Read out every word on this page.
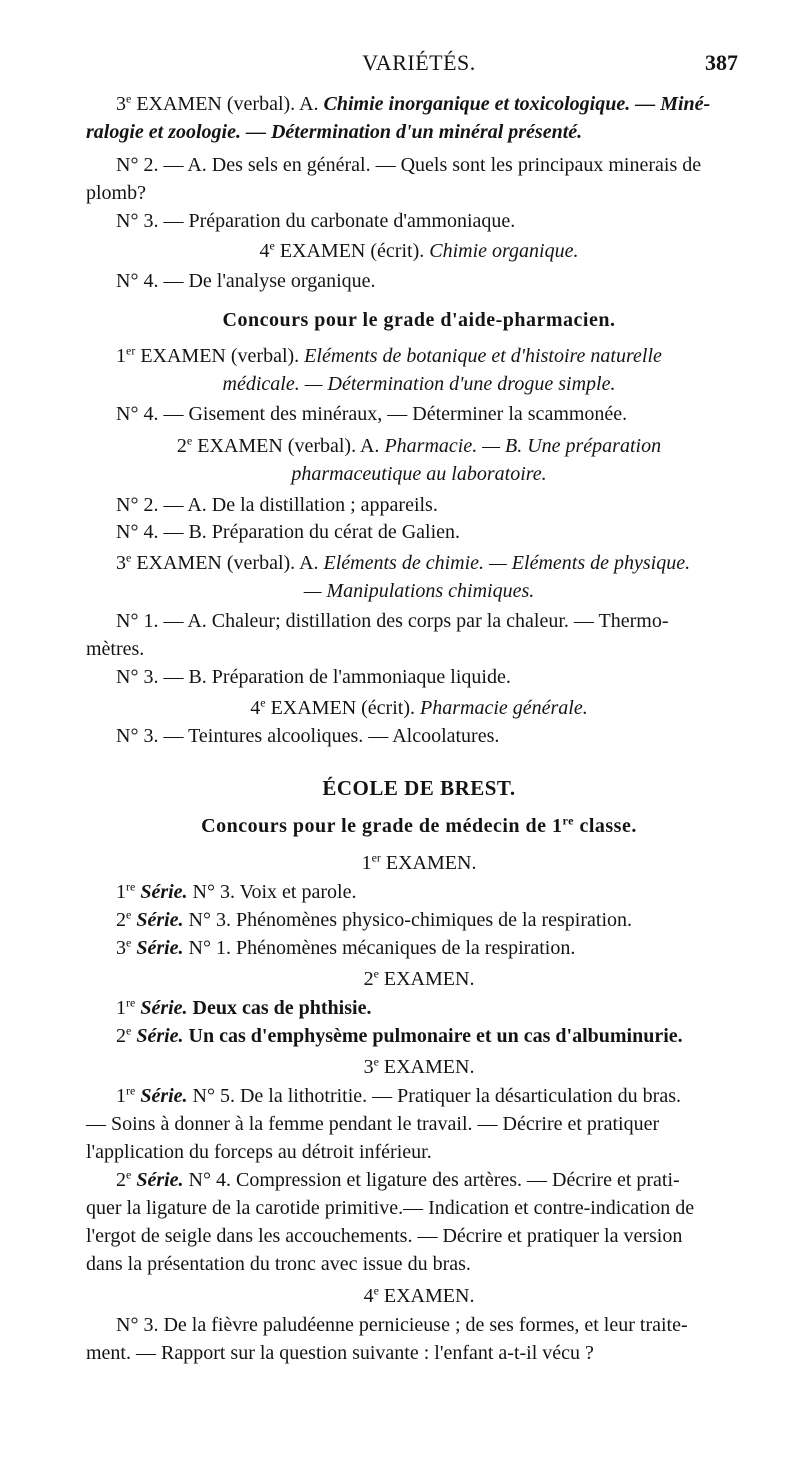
VARIÉTÉS.	387
3e EXAMEN (verbal). A. Chimie inorganique et toxicologique. — Miné-
ralogie et zoologie. — Détermination d'un minéral présenté.
N° 2. — A. Des sels en général. — Quels sont les principaux minerais de
plomb?
N° 3. — Préparation du carbonate d'ammoniaque.
4e EXAMEN (écrit). Chimie organique.
N° 4. — De l'analyse organique.
Concours pour le grade d'aide-pharmacien.
1er EXAMEN (verbal). Eléments de botanique et d'histoire naturelle
médicale. — Détermination d'une drogue simple.
N° 4. — Gisement des minéraux, — Déterminer la scammonée.
2e EXAMEN (verbal). A. Pharmacie. — B. Une préparation
pharmaceutique au laboratoire.
N° 2. — A. De la distillation ; appareils.
N° 4. — B. Préparation du cérat de Galien.
3e EXAMEN (verbal). A. Eléments de chimie. — Eléments de physique.
— Manipulations chimiques.
N° 1. — A. Chaleur; distillation des corps par la chaleur. — Thermo-
mètres.
N° 3. — B. Préparation de l'ammoniaque liquide.
4e EXAMEN (écrit). Pharmacie générale.
N° 3. — Teintures alcooliques. — Alcoolatures.
ÉCOLE DE BREST.
Concours pour le grade de médecin de 1re classe.
1er EXAMEN.
1re Série. N° 3. Voix et parole.
2e Série. N° 3. Phénomènes physico-chimiques de la respiration.
3e Série. N° 1. Phénomènes mécaniques de la respiration.
2e EXAMEN.
1re Série. Deux cas de phthisie.
2e Série. Un cas d'emphysème pulmonaire et un cas d'albuminurie.
3e EXAMEN.
1re Série. N° 5. De la lithotritie. — Pratiquer la désarticulation du bras.
— Soins à donner à la femme pendant le travail. — Décrire et pratiquer
l'application du forceps au détroit inférieur.
2e Série. N° 4. Compression et ligature des artères. — Décrire et prati-
quer la ligature de la carotide primitive.— Indication et contre-indication de
l'ergot de seigle dans les accouchements. — Décrire et pratiquer la version
dans la présentation du tronc avec issue du bras.
4e EXAMEN.
N° 3. De la fièvre paludéenne pernicieuse ; de ses formes, et leur traite-
ment. — Rapport sur la question suivante : l'enfant a-t-il vécu ?
